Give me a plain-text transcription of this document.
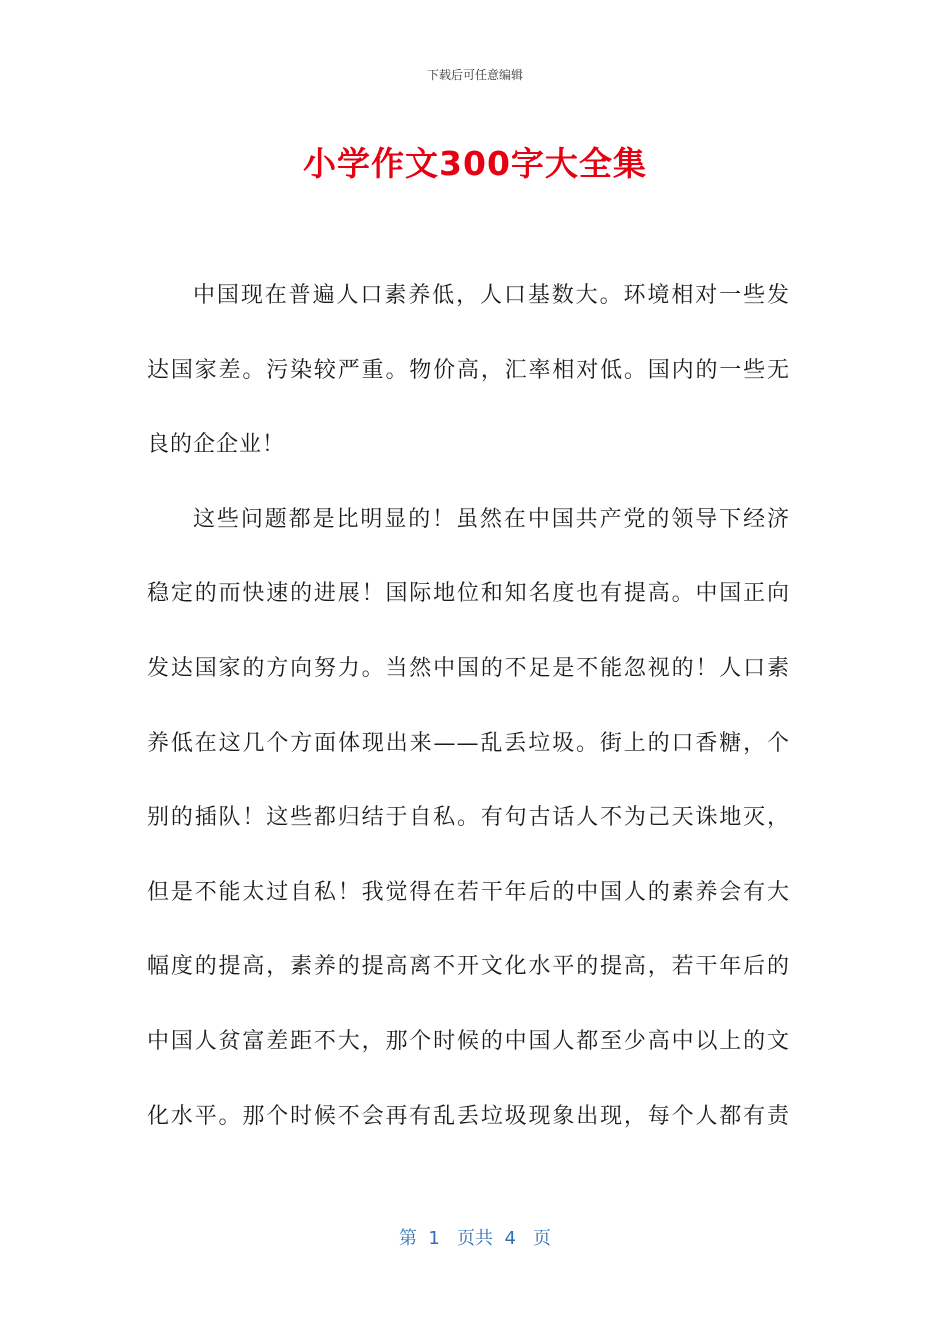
下载后可任意编辑
小学作文300字大全集
中国现在普遍人口素养低，人口基数大。环境相对一些发
达国家差。污染较严重。物价高，汇率相对低。国内的一些无
良的企企业！
这些问题都是比明显的！虽然在中国共产党的领导下经济
稳定的而快速的进展！国际地位和知名度也有提高。中国正向
发达国家的方向努力。当然中国的不足是不能忽视的！人口素
养低在这几个方面体现出来——乱丢垃圾。街上的口香糖，个
别的插队！这些都归结于自私。有句古话人不为己天诛地灭，
但是不能太过自私！我觉得在若干年后的中国人的素养会有大
幅度的提高，素养的提高离不开文化水平的提高，若干年后的
中国人贫富差距不大，那个时候的中国人都至少高中以上的文
化水平。那个时候不会再有乱丢垃圾现象出现，每个人都有责
第  1   页共  4   页
